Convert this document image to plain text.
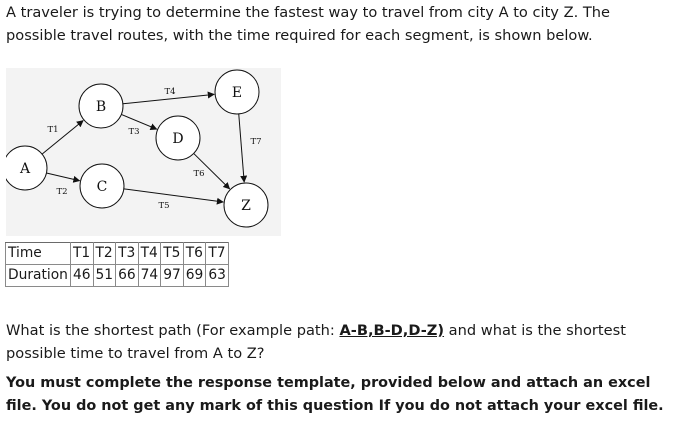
A traveler is trying to determine the fastest way to travel from city A to city Z. The possible travel routes, with the time required for each segment, is shown below.
T1
T2
T3
T4
T5
T6
T7
A
B
C
D
E
Z
Time	T1	T2	T3	T4	T5	T6	T7
Duration	46	51	66	74	97	69	63
What is the shortest path (For example path: A-B,B-D,D-Z) and what is the shortest possible time to travel from A to Z?
You must complete the response template, provided below and attach an excel file. You do not get any mark of this question If you do not attach your excel file.
